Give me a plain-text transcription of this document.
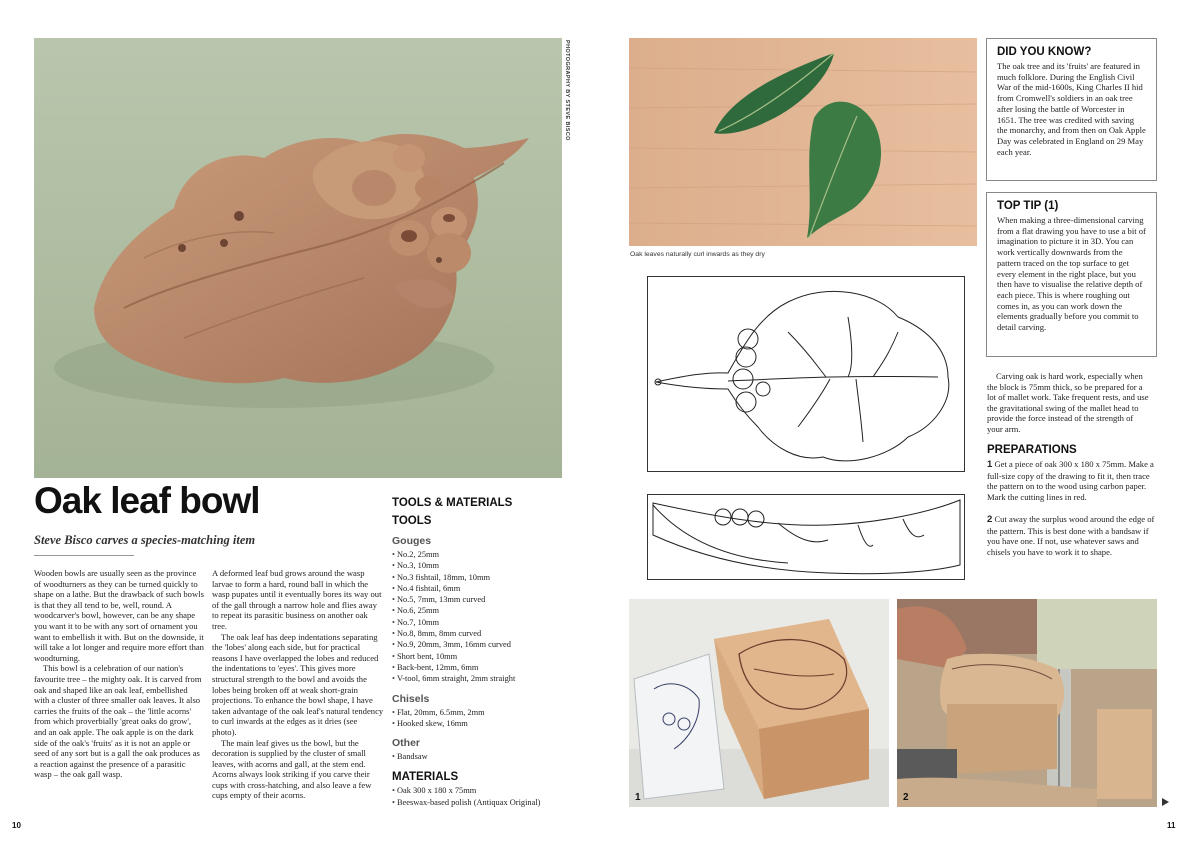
PHOTOGRAPHY BY STEVE BISCO
Oak leaf bowl
Steve Bisco carves a species-matching item

Wooden bowls are usually seen as the province of woodturners as they can be turned quickly to shape on a lathe. But the drawback of such bowls is that they all tend to be, well, round. A woodcarver's bowl, however, can be any shape you want it to be with any sort of ornament you want to embellish it with. But on the downside, it will take a lot longer and require more effort than woodturning.

This bowl is a celebration of our nation's favourite tree – the mighty oak. It is carved from oak and shaped like an oak leaf, embellished with a cluster of three smaller oak leaves. It also carries the fruits of the oak – the 'little acorns' from which proverbially 'great oaks do grow', and an oak apple. The oak apple is on the dark side of the oak's 'fruits' as it is not an apple or seed of any sort but is a gall the oak produces as a reaction against the presence of a parasitic wasp – the oak gall wasp.

A deformed leaf bud grows around the wasp larvae to form a hard, round ball in which the wasp pupates until it eventually bores its way out of the gall through a narrow hole and flies away to repeat its parasitic business on another oak tree.

The oak leaf has deep indentations separating the 'lobes' along each side, but for practical reasons I have overlapped the lobes and reduced the indentations to 'eyes'. This gives more structural strength to the bowl and avoids the lobes being broken off at weak short-grain projections. To enhance the bowl shape, I have taken advantage of the oak leaf's natural tendency to curl inwards at the edges as it dries (see photo).

The main leaf gives us the bowl, but the decoration is supplied by the cluster of small leaves, with acorns and gall, at the stem end. Acorns always look striking if you carve their cups with cross-hatching, and also leave a few cups empty of their acorns.

TOOLS & MATERIALS
TOOLS
Gouges
• No.2, 25mm
• No.3, 10mm
• No.3 fishtail, 18mm, 10mm
• No.4 fishtail, 6mm
• No.5, 7mm, 13mm curved
• No.6, 25mm
• No.7, 10mm
• No.8, 8mm, 8mm curved
• No.9, 20mm, 3mm, 16mm curved
• Short bent, 10mm
• Back-bent, 12mm, 6mm
• V-tool, 6mm straight, 2mm straight
Chisels
• Flat, 20mm, 6.5mm, 2mm
• Hooked skew, 16mm
Other
• Bandsaw
MATERIALS
• Oak 300 x 180 x 75mm
• Beeswax-based polish (Antiquax Original)
10
Oak leaves naturally curl inwards as they dry
DID YOU KNOW?

The oak tree and its 'fruits' are featured in much folklore. During the English Civil War of the mid-1600s, King Charles II hid from Cromwell's soldiers in an oak tree after losing the battle of Worcester in 1651. The tree was credited with saving the monarchy, and from then on Oak Apple Day was celebrated in England on 29 May each year.

TOP TIP (1)

When making a three-dimensional carving from a flat drawing you have to use a bit of imagination to picture it in 3D. You can work vertically downwards from the pattern traced on the top surface to get every element in the right place, but you then have to visualise the relative depth of each piece. This is where roughing out comes in, as you can work down the elements gradually before you commit to detail carving.

Carving oak is hard work, especially when the block is 75mm thick, so be prepared for a lot of mallet work. Take frequent rests, and use the gravitational swing of the mallet head to provide the force instead of the strength of your arm.

PREPARATIONS

1 Get a piece of oak 300 x 180 x 75mm. Make a full-size copy of the drawing to fit it, then trace the pattern on to the wood using carbon paper. Mark the cutting lines in red.

2 Cut away the surplus wood around the edge of the pattern. This is best done with a bandsaw if you have one. If not, use whatever saws and chisels you have to work it to shape.

1	2
11
